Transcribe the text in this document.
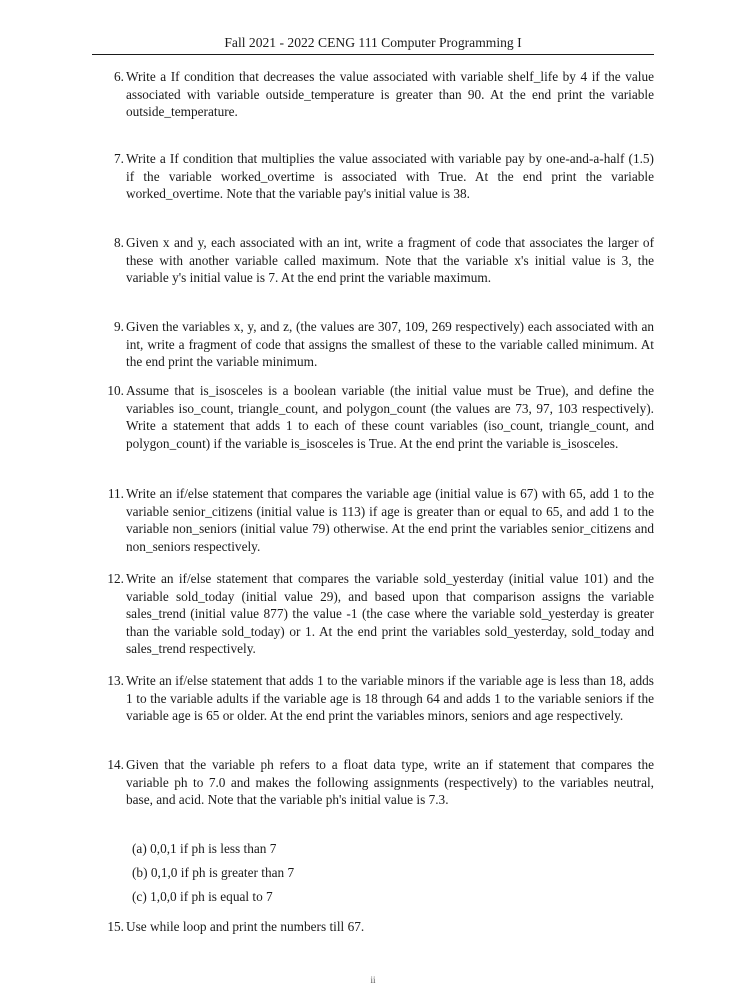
Fall 2021 - 2022 CENG 111 Computer Programming I
6. Write a If condition that decreases the value associated with variable shelf_life by 4 if the value associated with variable outside_temperature is greater than 90. At the end print the variable outside_temperature.
7. Write a If condition that multiplies the value associated with variable pay by one-and-a-half (1.5) if the variable worked_overtime is associated with True. At the end print the variable worked_overtime. Note that the variable pay's initial value is 38.
8. Given x and y, each associated with an int, write a fragment of code that associates the larger of these with another variable called maximum. Note that the variable x's initial value is 3, the variable y's initial value is 7. At the end print the variable maximum.
9. Given the variables x, y, and z, (the values are 307, 109, 269 respectively) each associated with an int, write a fragment of code that assigns the smallest of these to the variable called minimum. At the end print the variable minimum.
10. Assume that is_isosceles is a boolean variable (the initial value must be True), and define the variables iso_count, triangle_count, and polygon_count (the values are 73, 97, 103 respectively). Write a statement that adds 1 to each of these count variables (iso_count, triangle_count, and polygon_count) if the variable is_isosceles is True. At the end print the variable is_isosceles.
11. Write an if/else statement that compares the variable age (initial value is 67) with 65, add 1 to the variable senior_citizens (initial value is 113) if age is greater than or equal to 65, and add 1 to the variable non_seniors (initial value 79) otherwise. At the end print the variables senior_citizens and non_seniors respectively.
12. Write an if/else statement that compares the variable sold_yesterday (initial value 101) and the variable sold_today (initial value 29), and based upon that comparison assigns the variable sales_trend (initial value 877) the value -1 (the case where the variable sold_yesterday is greater than the variable sold_today) or 1. At the end print the variables sold_yesterday, sold_today and sales_trend respectively.
13. Write an if/else statement that adds 1 to the variable minors if the variable age is less than 18, adds 1 to the variable adults if the variable age is 18 through 64 and adds 1 to the variable seniors if the variable age is 65 or older. At the end print the variables minors, seniors and age respectively.
14. Given that the variable ph refers to a float data type, write an if statement that compares the variable ph to 7.0 and makes the following assignments (respectively) to the variables neutral, base, and acid. Note that the variable ph's initial value is 7.3.
(a) 0,0,1 if ph is less than 7
(b) 0,1,0 if ph is greater than 7
(c) 1,0,0 if ph is equal to 7
15. Use while loop and print the numbers till 67.
ii
